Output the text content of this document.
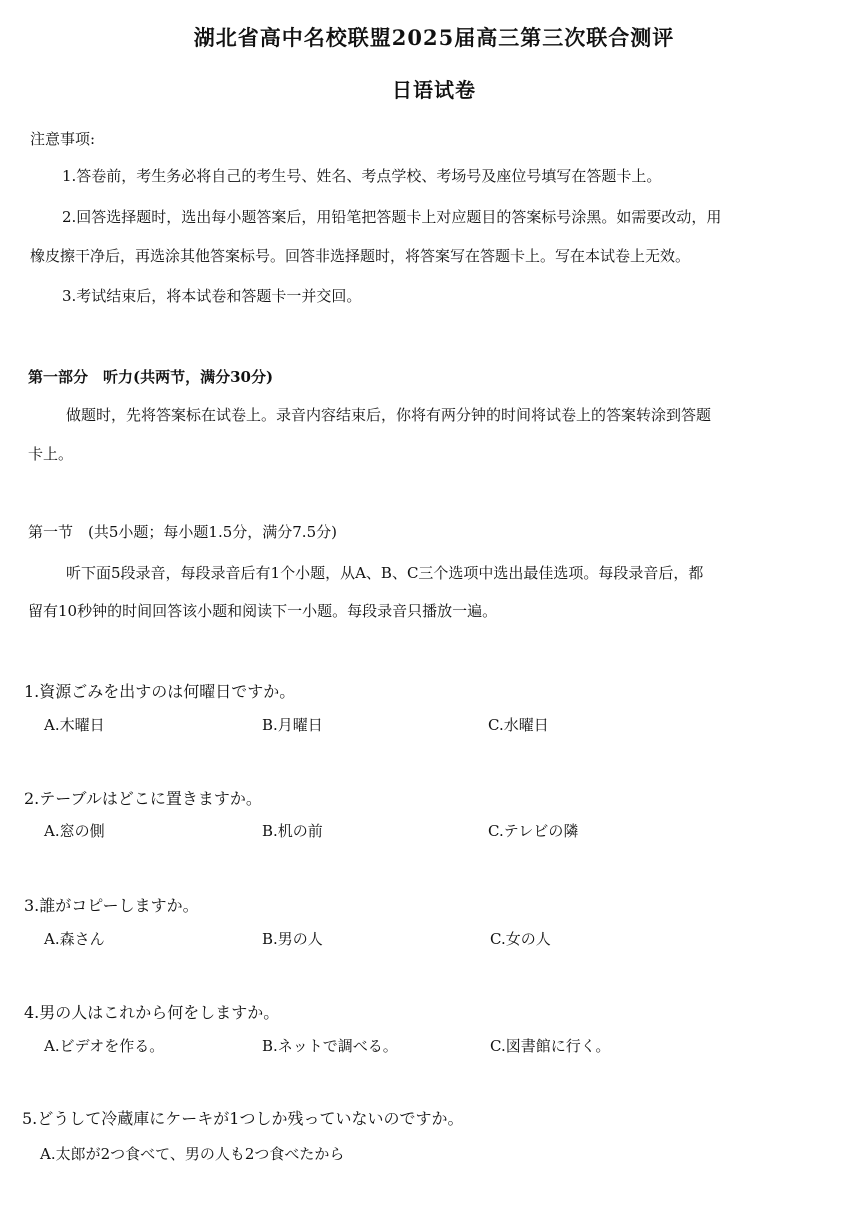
湖北省高中名校联盟2025届高三第三次联合测评
日语试卷
注意事项:
1.答卷前，考生务必将自己的考生号、姓名、考点学校、考场号及座位号填写在答题卡上。
2.回答选择题时，选出每小题答案后，用铅笔把答题卡上对应题目的答案标号涂黑。如需要改动，用
橡皮擦干净后，再选涂其他答案标号。回答非选择题时，将答案写在答题卡上。写在本试卷上无效。
3.考试结束后，将本试卷和答题卡一并交回。
第一部分　听力(共两节，满分30分)
做题时，先将答案标在试卷上。录音内容结束后，你将有两分钟的时间将试卷上的答案转涂到答题
卡上。
第一节　(共5小题；每小题1.5分，满分7.5分)
听下面5段录音，每段录音后有1个小题，从A、B、C三个选项中选出最佳选项。每段录音后，都
留有10秒钟的时间回答该小题和阅读下一小题。每段录音只播放一遍。
1.資源ごみを出すのは何曜日ですか。
A.木曜日	B.月曜日	C.水曜日
2.テーブルはどこに置きますか。
A.窓の側	B.机の前	C.テレビの隣
3.誰がコピーしますか。
A.森さん	B.男の人	C.女の人
4.男の人はこれから何をしますか。
A.ビデオを作る。	B.ネットで調べる。	C.図書館に行く。
5.どうして冷蔵庫にケーキが1つしか残っていないのですか。
A.太郎が2つ食べて、男の人も2つ食べたから
